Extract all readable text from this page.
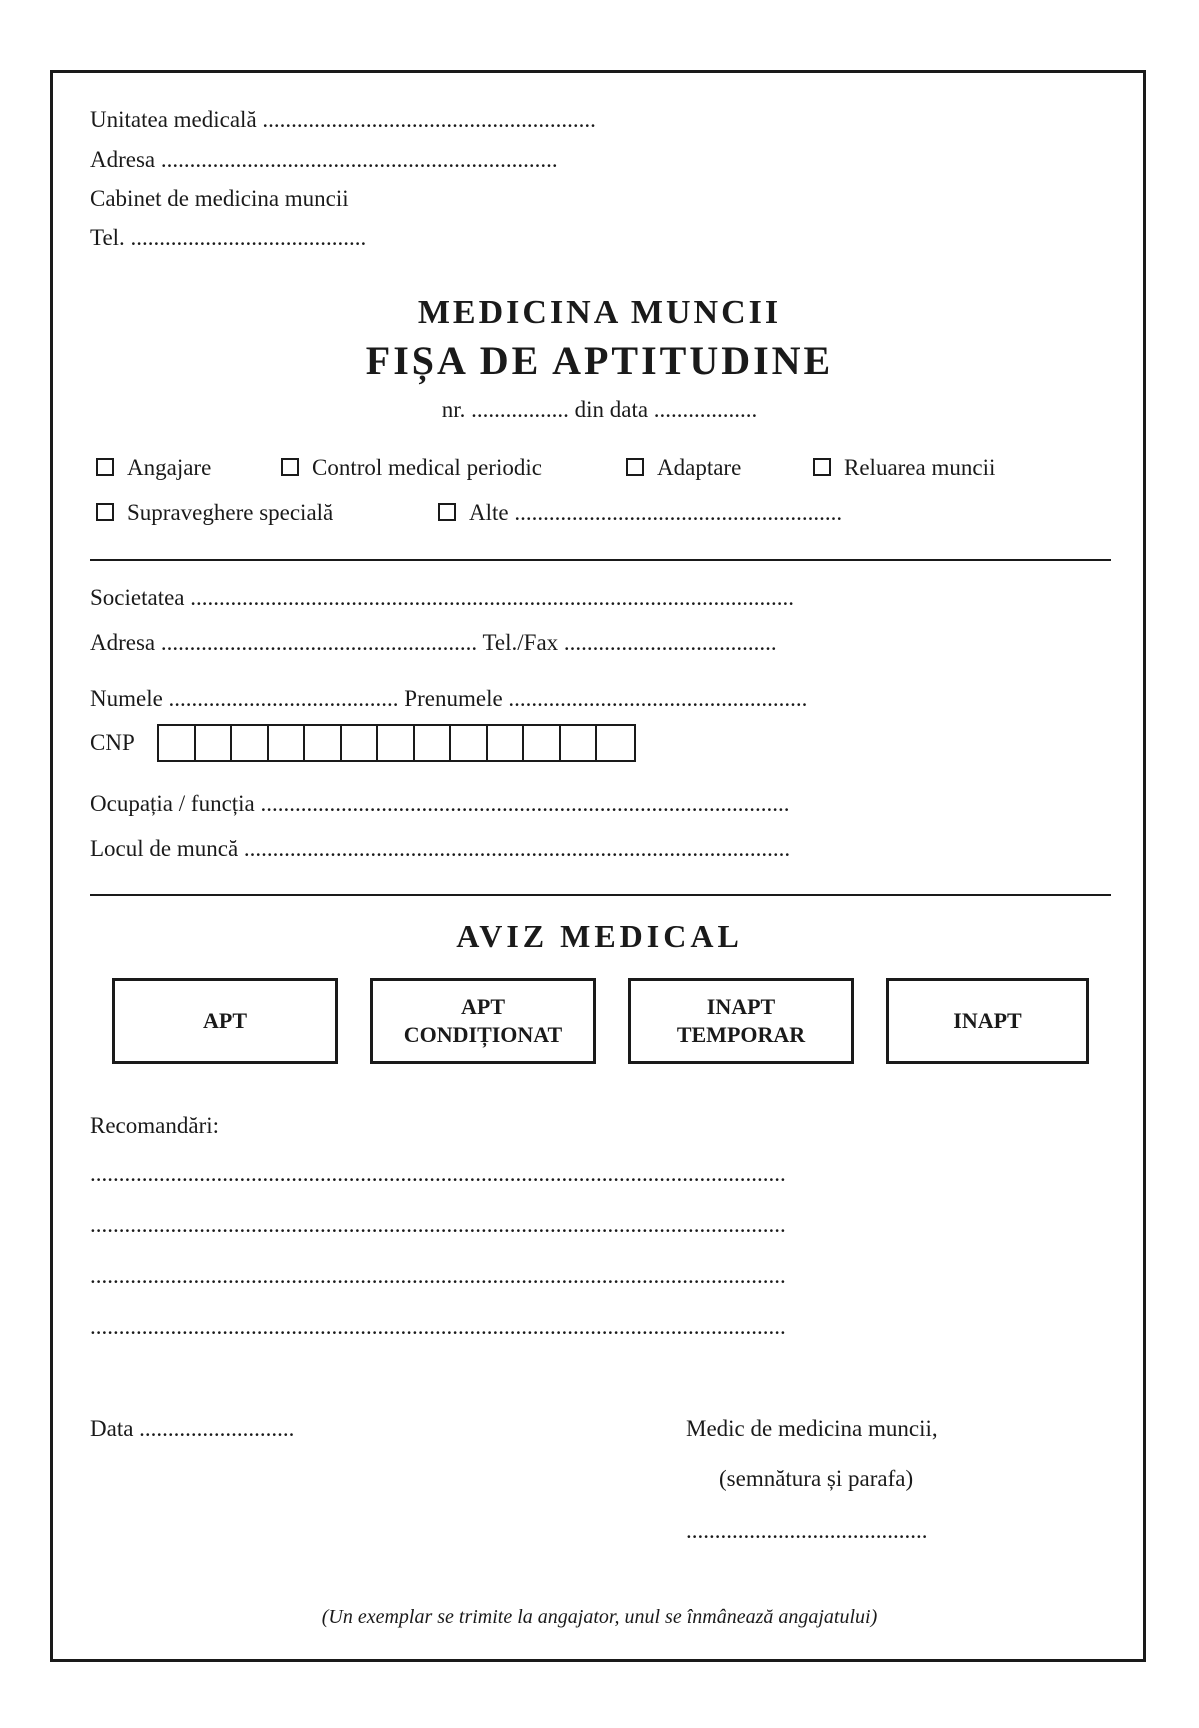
Unitatea medicală ..........................................................
Adresa .....................................................................
Cabinet de medicina muncii
Tel. .........................................
MEDICINA MUNCII
FIȘA DE APTITUDINE
nr. ................. din data ..................
Angajare	Control medical periodic	Adaptare	Reluarea muncii
Supraveghere specială	Alte .........................................................
Societatea .........................................................................................................
Adresa ....................................................... Tel./Fax .....................................
Numele ........................................ Prenumele ....................................................
CNP
Ocupația / funcția ............................................................................................
Locul de muncă ...............................................................................................
AVIZ MEDICAL
APT
APT
CONDIȚIONAT
INAPT
TEMPORAR
INAPT
Recomandări:
.........................................................................................................................
.........................................................................................................................
.........................................................................................................................
.........................................................................................................................
Data ...........................	Medic de medicina muncii,
(semnătura și parafa)
..........................................
(Un exemplar se trimite la angajator, unul se înmânează angajatului)
